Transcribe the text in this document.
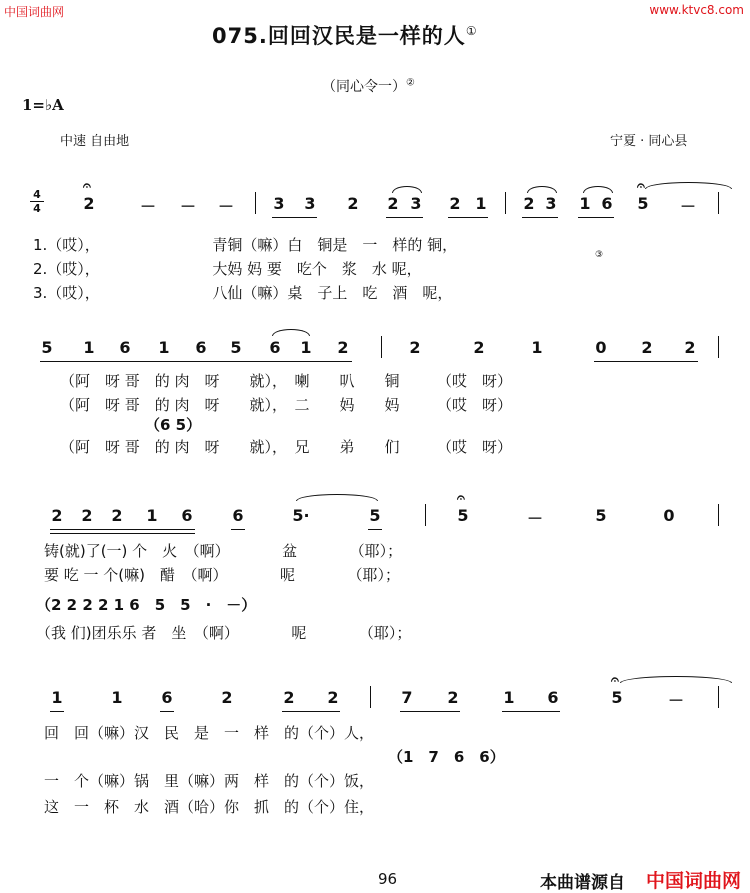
中国词曲网	www.ktvc8.com
075.回回汉民是一样的人①
（同心令一）②
1=♭A
中速 自由地	宁夏 · 同心县
4
4
𝄐
2	－ － － 3 3 2 2 3 2 1 2 3 1 6
𝄐
5 －
1.（哎），　　　　　　　　青铜（嘛）白　铜是　一　样的 铜，
2.（哎），　　　　　　　　大妈 妈 要　吃个　浆　水 呢，
3.（哎），　　　　　　　　八仙（嘛）桌　子上　吃　酒　呢，
③
5 1 6 1 6 5 6 1 2	2	2	1	0 2 2
（阿　呀 哥　的 肉　呀　　就），　喇　　叭　　铜　　　（哎　呀）
（阿　呀 哥　的 肉　呀　　就），　二　　妈　　妈　　　（哎　呀）
（6 5）
（阿　呀 哥　的 肉　呀　　就），　兄　　弟　　们　　　（哎　呀）
2 2 2 1 6 6	5·	5
𝄐
5	－	5	0
铸(就)了(一) 个　火　（啊）　　　　盆　　　　（耶）；
要 吃 一 个(嘛)　醋　（啊）　　　　呢　　　　（耶）；
（2 2 2 2 1 6　5　5　·　－）
（我 们)团乐乐 者　坐　（啊）　　　　呢　　　　（耶）；
1	1 6	2	2 2	7 2	1 6
𝄐
5	－
回　回（嘛）汉　民　是　一　样　的（个）人，
（1　7　6　6）
一　个（嘛）锅　里（嘛）两　样　的（个）饭，
这　一　杯　水　酒（哈）你　抓　的（个）住，
96	本曲谱源自 中国词曲网
